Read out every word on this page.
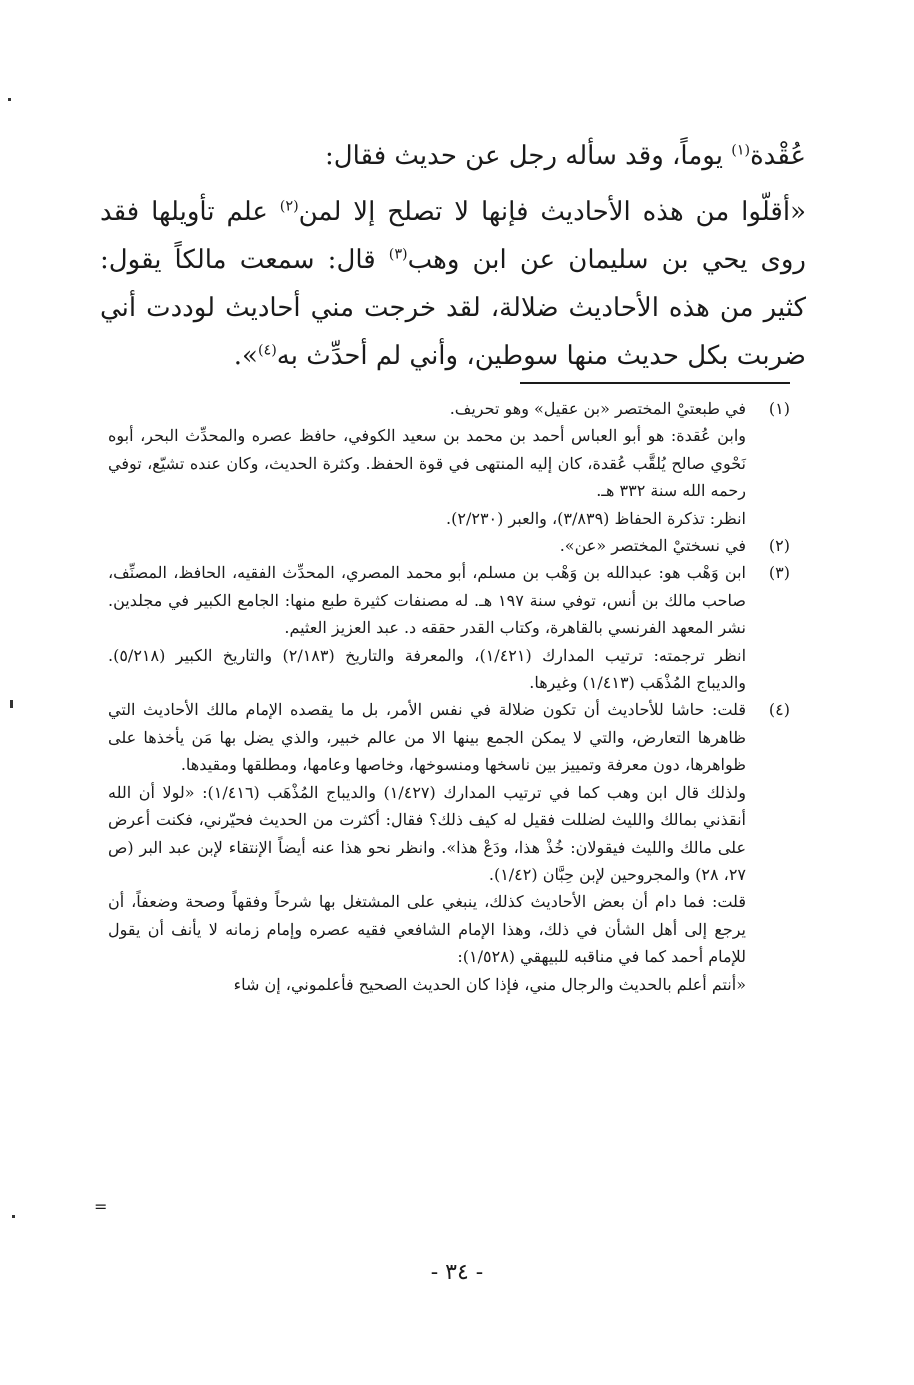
عُقْدة$^{(١)}$ يوماً، وقد سأله رجل عن حديث فقال:

«أقلّوا من هذه الأحاديث فإنها لا تصلح إلا لمن$^{(٢)}$ علم تأويلها فقد روى يحي بن سليمان عن ابن وهب$^{(٣)}$ قال: سمعت مالكاً يقول: كثير من هذه الأحاديث ضلالة، لقد خرجت مني أحاديث لوددت أني ضربت بكل حديث منها سوطين، وأني لم أحدِّث به$^{(٤)}$».

(١)

في طبعتيْ المختصر «بن عقيل» وهو تحريف.

وابن عُقدة: هو أبو العباس أحمد بن محمد بن سعيد الكوفي، حافظ عصره والمحدِّث البحر، أبوه نَحْوي صالح يُلقَّب عُقدة، كان إليه المنتهى في قوة الحفظ. وكثرة الحديث، وكان عنده تشيّع، توفي رحمه الله سنة ٣٣٢ هـ.

انظر: تذكرة الحفاظ (٣/٨٣٩)، والعبر (٢/٢٣٠).

(٢)

في نسختيْ المختصر «عن».

(٣)

ابن وَهْب هو: عبدالله بن وَهْب بن مسلم، أبو محمد المصري، المحدِّث الفقيه، الحافظ، المصنِّف، صاحب مالك بن أنس، توفي سنة ١٩٧ هـ. له مصنفات كثيرة طبع منها: الجامع الكبير في مجلدين. نشر المعهد الفرنسي بالقاهرة، وكتاب القدر حققه د. عبد العزيز العثيم.

انظر ترجمته: ترتيب المدارك (١/٤٢١)، والمعرفة والتاريخ (٢/١٨٣) والتاريخ الكبير (٥/٢١٨). والديباج المُذْهَب (١/٤١٣) وغيرها.

(٤)

قلت: حاشا للأحاديث أن تكون ضلالة في نفس الأمر، بل ما يقصده الإمام مالك الأحاديث التي ظاهرها التعارض، والتي لا يمكن الجمع بينها الا من عالم خبير، والذي يضل بها مَن يأخذها على ظواهرها، دون معرفة وتمييز بين ناسخها ومنسوخها، وخاصها وعامها، ومطلقها ومقيدها.

ولذلك قال ابن وهب كما في ترتيب المدارك (١/٤٢٧) والديباج المُذْهَب (١/٤١٦): «لولا أن الله أنقذني بمالك والليث لضللت فقيل له كيف ذلك؟ فقال: أكثرت من الحديث فحيّرني، فكنت أعرض على مالك والليث فيقولان: خُذْ هذا، ودَعْ هذا». وانظر نحو هذا عنه أيضاً الإنتقاء لإبن عبد البر (ص ٢٧، ٢٨) والمجروحين لإبن حِبَّان (١/٤٢).

قلت: فما دام أن بعض الأحاديث كذلك، ينبغي على المشتغل بها شرحاً وفقهاً وصحة وضعفاً، أن يرجع إلى أهل الشأن في ذلك، وهذا الإمام الشافعي فقيه عصره وإمام زمانه لا يأنف أن يقول للإمام أحمد كما في مناقبه للبيهقي (١/٥٢٨):

«أنتم أعلم بالحديث والرجال مني، فإذا كان الحديث الصحيح فأعلموني، إن شاء

=
- ٣٤ -
